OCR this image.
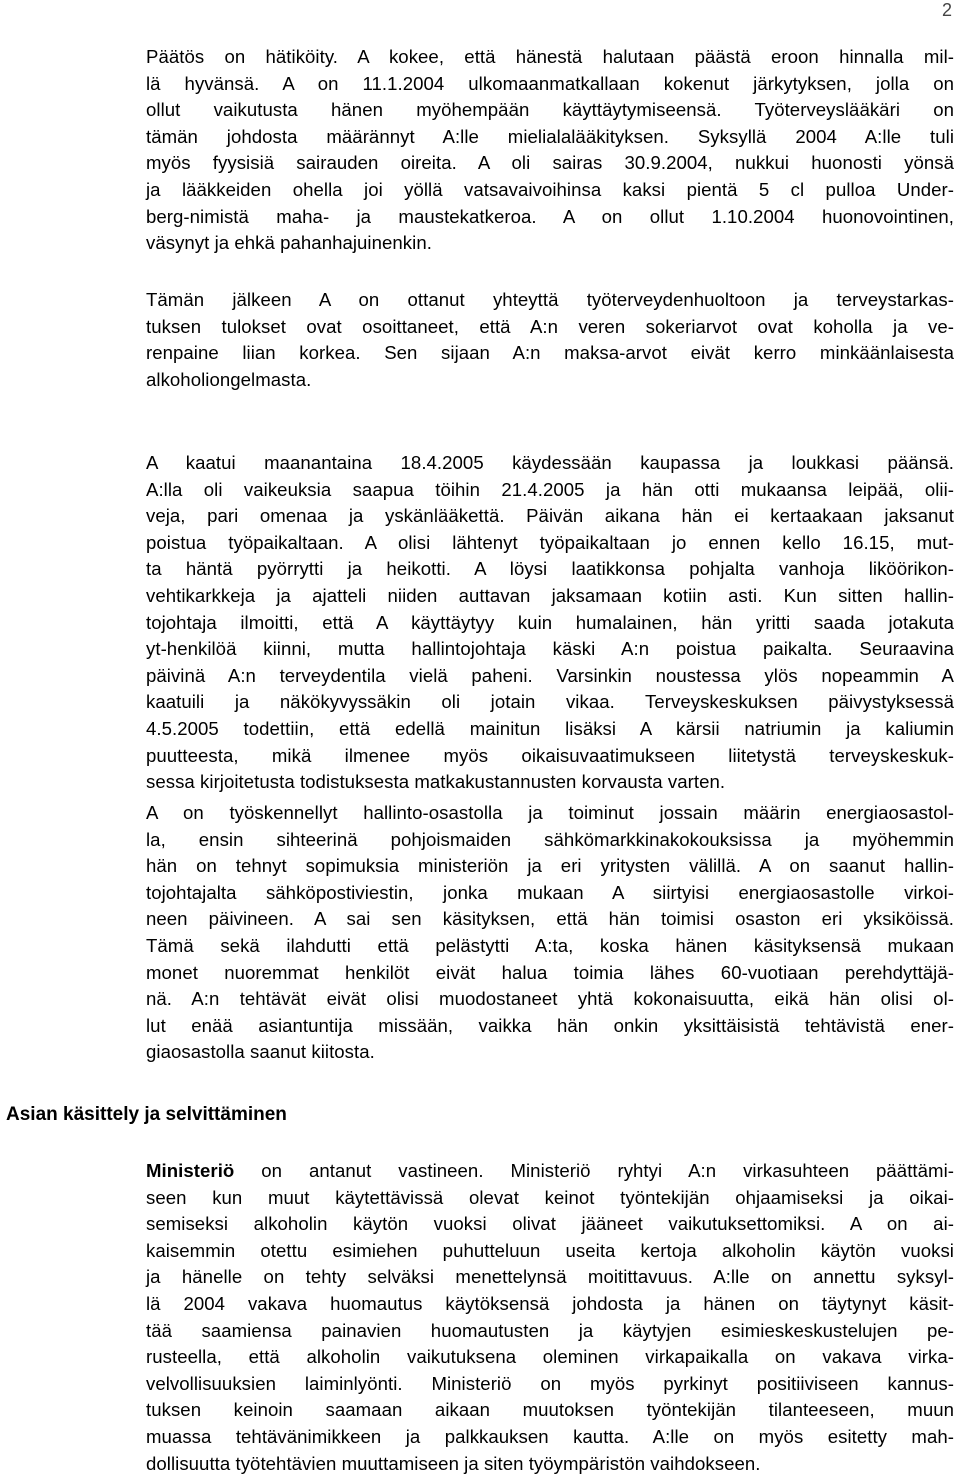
2
Päätös on hätiköity. A kokee, että hänestä halutaan päästä eroon hinnalla mil-
lä hyvänsä. A on 11.1.2004 ulkomaanmatkallaan kokenut järkytyksen, jolla on
ollut vaikutusta hänen myöhempään käyttäytymiseensä. Työterveyslääkäri on
tämän johdosta määrännyt A:lle mielialalääkityksen. Syksyllä 2004 A:lle tuli
myös fyysisiä sairauden oireita. A oli sairas 30.9.2004, nukkui huonosti yönsä
ja lääkkeiden ohella joi yöllä vatsavaivoihinsa kaksi pientä 5 cl pulloa Under-
berg-nimistä maha- ja maustekatkeroa. A on ollut 1.10.2004 huonovointinen,
väsynyt ja ehkä pahanhajuinenkin.
Tämän jälkeen A on ottanut yhteyttä työterveydenhuoltoon ja terveystarkas-
tuksen tulokset ovat osoittaneet, että A:n veren sokeriarvot ovat koholla ja ve-
renpaine liian korkea. Sen sijaan A:n maksa-arvot eivät kerro minkäänlaisesta
alkoholiongelmasta.
A kaatui maanantaina 18.4.2005 käydessään kaupassa ja loukkasi päänsä.
A:lla oli vaikeuksia saapua töihin 21.4.2005 ja hän otti mukaansa leipää, olii-
veja, pari omenaa ja yskänlääkettä. Päivän aikana hän ei kertaakaan jaksanut
poistua työpaikaltaan. A olisi lähtenyt työpaikaltaan jo ennen kello 16.15, mut-
ta häntä pyörrytti ja heikotti. A löysi laatikkonsa pohjalta vanhoja liköörikon-
vehtikarkkeja ja ajatteli niiden auttavan jaksamaan kotiin asti. Kun sitten hallin-
tojohtaja ilmoitti, että A käyttäytyy kuin humalainen, hän yritti saada jotakuta
yt-henkilöä kiinni, mutta hallintojohtaja käski A:n poistua paikalta. Seuraavina
päivinä A:n terveydentila vielä paheni. Varsinkin noustessa ylös nopeammin A
kaatuili ja näkökyvyssäkin oli jotain vikaa. Terveyskeskuksen päivystyksessä
4.5.2005 todettiin, että edellä mainitun lisäksi A kärsii natriumin ja kaliumin
puutteesta, mikä ilmenee myös oikaisuvaatimukseen liitetystä terveyskeskuk-
sessa kirjoitetusta todistuksesta matkakustannusten korvausta varten.
A on työskennellyt hallinto-osastolla ja toiminut jossain määrin energiaosastol-
la, ensin sihteerinä pohjoismaiden sähkömarkkinakokouksissa ja myöhemmin
hän on tehnyt sopimuksia ministeriön ja eri yritysten välillä. A on saanut hallin-
tojohtajalta sähköpostiviestin, jonka mukaan A siirtyisi energiaosastolle virkoi-
neen päivineen. A sai sen käsityksen, että hän toimisi osaston eri yksiköissä.
Tämä sekä ilahdutti että pelästytti A:ta, koska hänen käsityksensä mukaan
monet nuoremmat henkilöt eivät halua toimia lähes 60-vuotiaan perehdyttäjä-
nä. A:n tehtävät eivät olisi muodostaneet yhtä kokonaisuutta, eikä hän olisi ol-
lut enää asiantuntija missään, vaikka hän onkin yksittäisistä tehtävistä ener-
giaosastolla saanut kiitosta.
Asian käsittely ja selvittäminen
Ministeriö on antanut vastineen. Ministeriö ryhtyi A:n virkasuhteen päättämi-
seen kun muut käytettävissä olevat keinot työntekijän ohjaamiseksi ja oikai-
semiseksi alkoholin käytön vuoksi olivat jääneet vaikutuksettomiksi. A on ai-
kaisemmin otettu esimiehen puhutteluun useita kertoja alkoholin käytön vuoksi
ja hänelle on tehty selväksi menettelynsä moitittavuus. A:lle on annettu syksyl-
lä 2004 vakava huomautus käytöksensä johdosta ja hänen on täytynyt käsit-
tää saamiensa painavien huomautusten ja käytyjen esimieskeskustelujen pe-
rusteella, että alkoholin vaikutuksena oleminen virkapaikalla on vakava virka-
velvollisuuksien laiminlyönti. Ministeriö on myös pyrkinyt positiiviseen kannus-
tuksen keinoin saamaan aikaan muutoksen työntekijän tilanteeseen, muun
muassa tehtävänimikkeen ja palkkauksen kautta. A:lle on myös esitetty mah-
dollisuutta työtehtävien muuttamiseen ja siten työympäristön vaihdokseen.
